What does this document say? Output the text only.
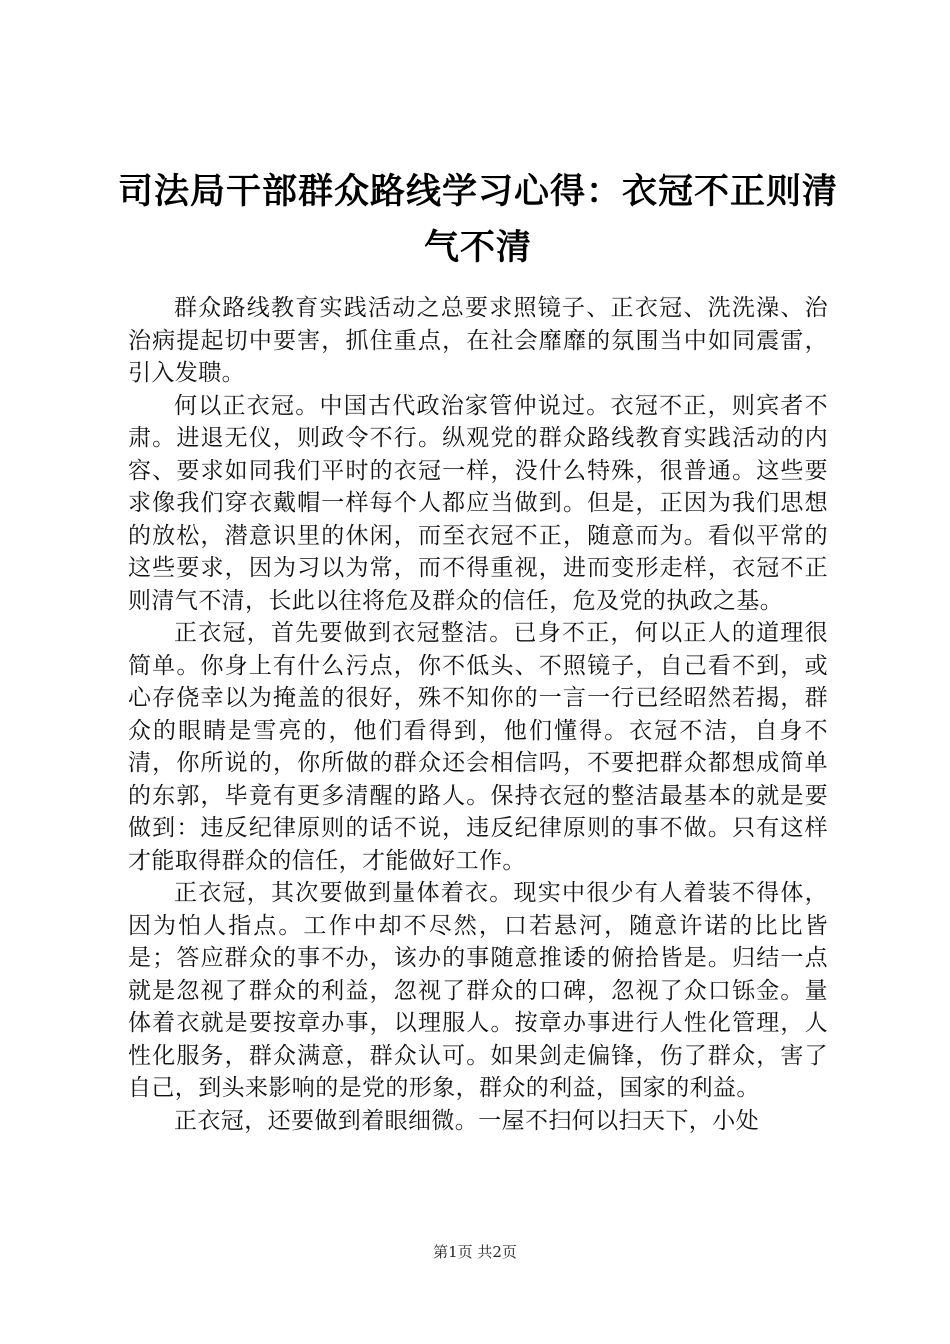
司法局干部群众路线学习心得：衣冠不正则清气不清

群众路线教育实践活动之总要求照镜子、正衣冠、洗洗澡、治治病提起切中要害，抓住重点，在社会靡靡的氛围当中如同震雷，引入发聩。

何以正衣冠。中国古代政治家管仲说过。衣冠不正，则宾者不肃。进退无仪，则政令不行。纵观党的群众路线教育实践活动的内容、要求如同我们平时的衣冠一样，没什么特殊，很普通。这些要求像我们穿衣戴帽一样每个人都应当做到。但是，正因为我们思想的放松，潜意识里的休闲，而至衣冠不正，随意而为。看似平常的这些要求，因为习以为常，而不得重视，进而变形走样，衣冠不正则清气不清，长此以往将危及群众的信任，危及党的执政之基。

正衣冠，首先要做到衣冠整洁。已身不正，何以正人的道理很简单。你身上有什么污点，你不低头、不照镜子，自己看不到，或心存侥幸以为掩盖的很好，殊不知你的一言一行已经昭然若揭，群众的眼睛是雪亮的，他们看得到，他们懂得。衣冠不洁，自身不清，你所说的，你所做的群众还会相信吗，不要把群众都想成简单的东郭，毕竟有更多清醒的路人。保持衣冠的整洁最基本的就是要做到：违反纪律原则的话不说，违反纪律原则的事不做。只有这样才能取得群众的信任，才能做好工作。

正衣冠，其次要做到量体着衣。现实中很少有人着装不得体，因为怕人指点。工作中却不尽然，口若悬河，随意许诺的比比皆是；答应群众的事不办，该办的事随意推诿的俯拾皆是。归结一点就是忽视了群众的利益，忽视了群众的口碑，忽视了众口铄金。量体着衣就是要按章办事，以理服人。按章办事进行人性化管理，人性化服务，群众满意，群众认可。如果剑走偏锋，伤了群众，害了自己，到头来影响的是党的形象，群众的利益，国家的利益。

正衣冠，还要做到着眼细微。一屋不扫何以扫天下，小处

第1页 共2页
